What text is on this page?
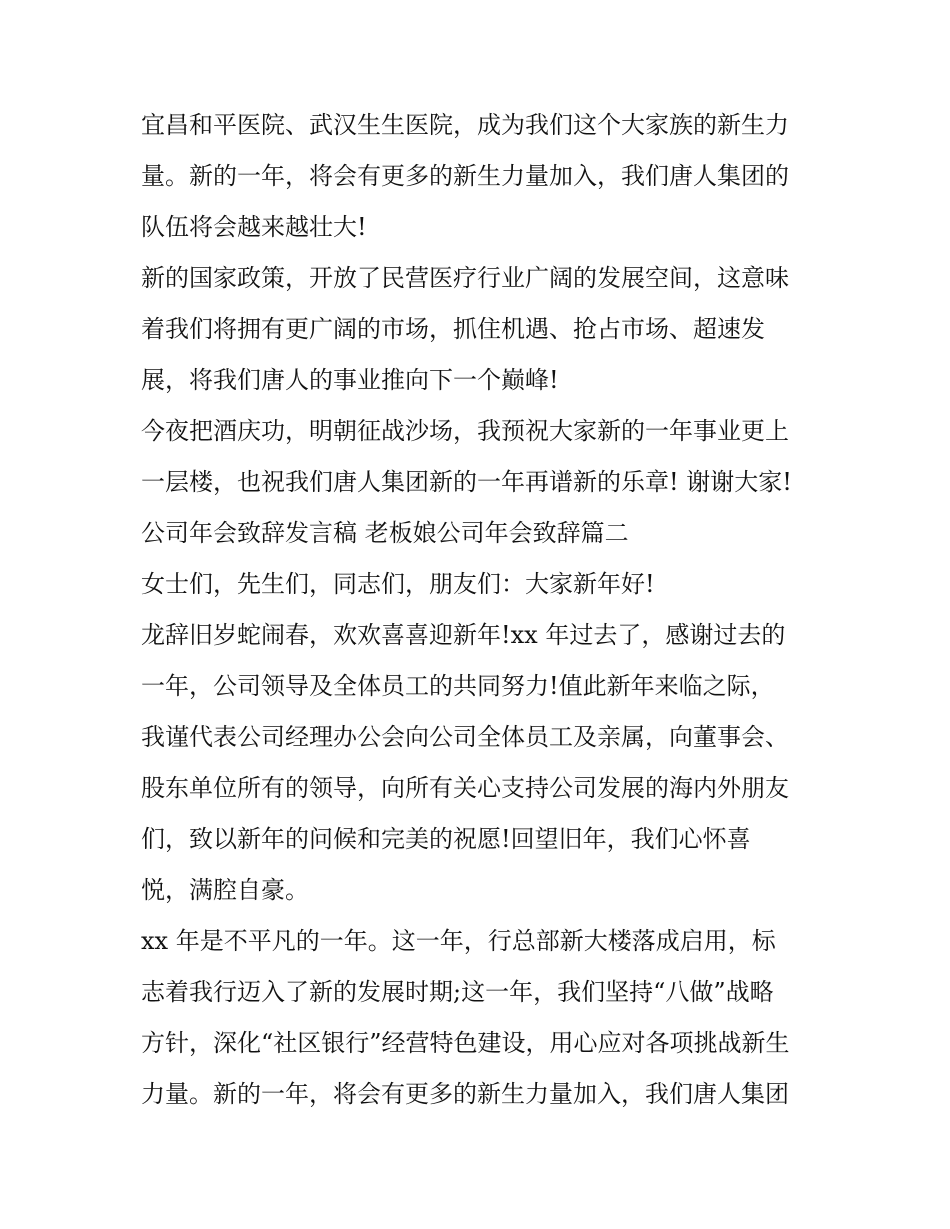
宜昌和平医院、武汉生生医院，成为我们这个大家族的新生力
量。新的一年，将会有更多的新生力量加入，我们唐人集团的
队伍将会越来越壮大!
新的国家政策，开放了民营医疗行业广阔的发展空间，这意味
着我们将拥有更广阔的市场，抓住机遇、抢占市场、超速发
展，将我们唐人的事业推向下一个巅峰!
今夜把酒庆功，明朝征战沙场，我预祝大家新的一年事业更上
一层楼，也祝我们唐人集团新的一年再谱新的乐章! 谢谢大家!
公司年会致辞发言稿 老板娘公司年会致辞篇二
女士们，先生们，同志们，朋友们：大家新年好!
龙辞旧岁蛇闹春，欢欢喜喜迎新年!xx 年过去了，感谢过去的
一年，公司领导及全体员工的共同努力!值此新年来临之际，
我谨代表公司经理办公会向公司全体员工及亲属，向董事会、
股东单位所有的领导，向所有关心支持公司发展的海内外朋友
们，致以新年的问候和完美的祝愿!回望旧年，我们心怀喜
悦，满腔自豪。
xx 年是不平凡的一年。这一年，行总部新大楼落成启用，标
志着我行迈入了新的发展时期;这一年，我们坚持“八做”战略
方针，深化“社区银行”经营特色建设，用心应对各项挑战新生
力量。新的一年，将会有更多的新生力量加入，我们唐人集团
